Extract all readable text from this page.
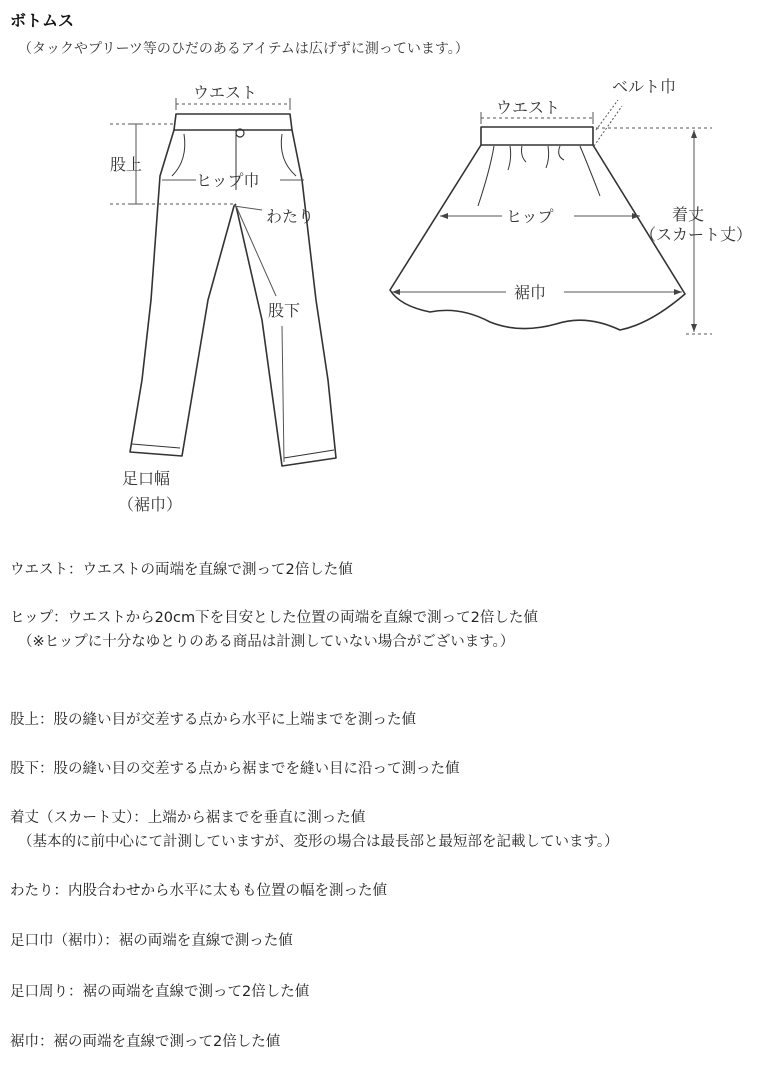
ボトムス

（タックやプリーツ等のひだのあるアイテムは広げずに測っています。）

ウエスト
股上
ヒップ巾
わたり
股下
足口幅
（裾巾）
ベルト巾
ウエスト
ヒップ	着丈
（スカート丈）
裾巾

ウエスト：ウエストの両端を直線で測って2倍した値

ヒップ：ウエストから20cm下を目安とした位置の両端を直線で測って2倍した値

（※ヒップに十分なゆとりのある商品は計測していない場合がございます。）

股上：股の縫い目が交差する点から水平に上端までを測った値

股下：股の縫い目の交差する点から裾までを縫い目に沿って測った値

着丈（スカート丈）：上端から裾までを垂直に測った値

（基本的に前中心にて計測していますが、変形の場合は最長部と最短部を記載しています。）

わたり：内股合わせから水平に太もも位置の幅を測った値

足口巾（裾巾）：裾の両端を直線で測った値

足口周り：裾の両端を直線で測って2倍した値

裾巾：裾の両端を直線で測って2倍した値
